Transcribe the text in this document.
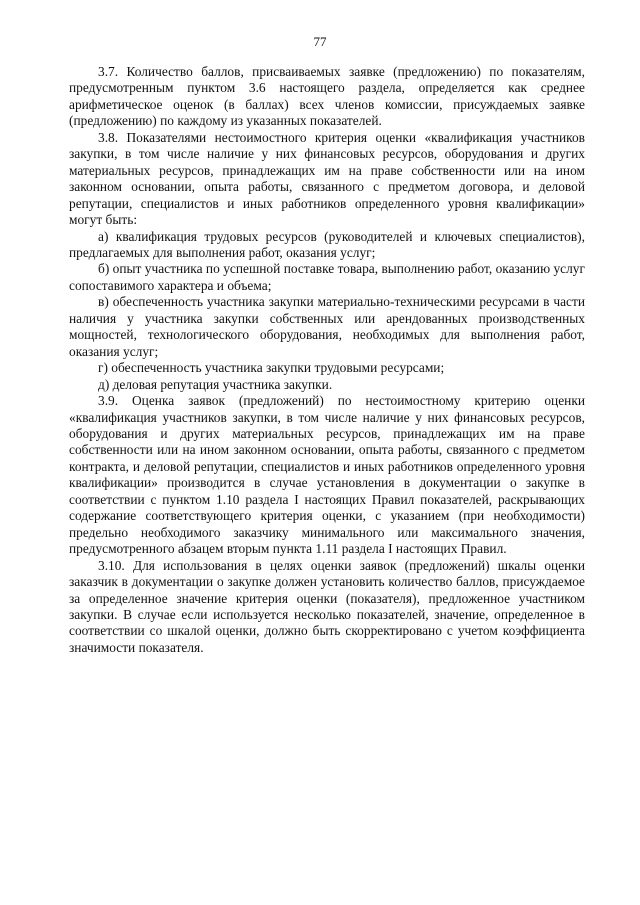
77

3.7. Количество баллов, присваиваемых заявке (предложению) по показателям, предусмотренным пунктом 3.6 настоящего раздела, определяется как среднее арифметическое оценок (в баллах) всех членов комиссии, присуждаемых заявке (предложению) по каждому из указанных показателей.

3.8. Показателями нестоимостного критерия оценки «квалификация участников закупки, в том числе наличие у них финансовых ресурсов, оборудования и других материальных ресурсов, принадлежащих им на праве собственности или на ином законном основании, опыта работы, связанного с предметом договора, и деловой репутации, специалистов и иных работников определенного уровня квалификации» могут быть:

а) квалификация трудовых ресурсов (руководителей и ключевых специалистов), предлагаемых для выполнения работ, оказания услуг;

б) опыт участника по успешной поставке товара, выполнению работ, оказанию услуг сопоставимого характера и объема;

в) обеспеченность участника закупки материально-техническими ресурсами в части наличия у участника закупки собственных или арендованных производственных мощностей, технологического оборудования, необходимых для выполнения работ, оказания услуг;

г) обеспеченность участника закупки трудовыми ресурсами;

д) деловая репутация участника закупки.

3.9. Оценка заявок (предложений) по нестоимостному критерию оценки «квалификация участников закупки, в том числе наличие у них финансовых ресурсов, оборудования и других материальных ресурсов, принадлежащих им на праве собственности или на ином законном основании, опыта работы, связанного с предметом контракта, и деловой репутации, специалистов и иных работников определенного уровня квалификации» производится в случае установления в документации о закупке в соответствии с пунктом 1.10 раздела I настоящих Правил показателей, раскрывающих содержание соответствующего критерия оценки, с указанием (при необходимости) предельно необходимого заказчику минимального или максимального значения, предусмотренного абзацем вторым пункта 1.11 раздела I настоящих Правил.

3.10. Для использования в целях оценки заявок (предложений) шкалы оценки заказчик в документации о закупке должен установить количество баллов, присуждаемое за определенное значение критерия оценки (показателя), предложенное участником закупки. В случае если используется несколько показателей, значение, определенное в соответствии со шкалой оценки, должно быть скорректировано с учетом коэффициента значимости показателя.
